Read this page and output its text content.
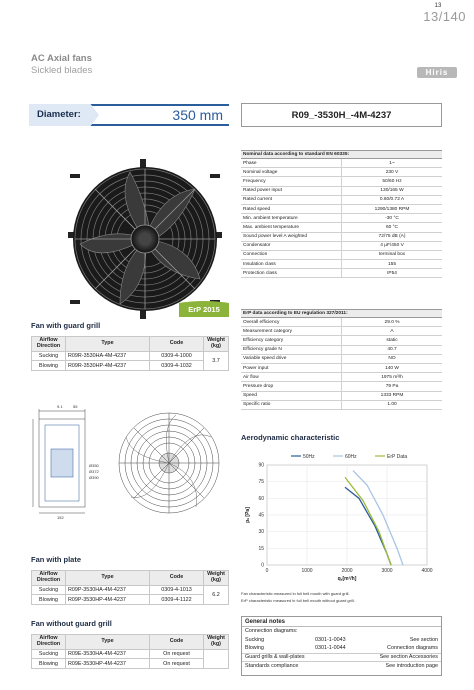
13
13/140
AC Axial fans
Sickled blades	Hiris
Diameter:	350 mm	R09_-3530H_-4M-4237
ErP 2015
Fan with guard grill
Airflow Direction	Type	Code	Weight (kg)
Sucking	R09R-3530HA-4M-4237	0309-4-1000	3.7
Blowing	R09R-3530HP-4M-4237	0309-4-1032	
9.1	55
152
Ø350
Ø372
Ø390
Fan with plate
Airflow Direction	Type	Code	Weight (kg)
Sucking	R09P-3530HA-4M-4237	0309-4-1013	6.2
Blowing	R09P-3530HP-4M-4237	0309-4-1122	
Fan without guard grill
Airflow Direction	Type	Code	Weight (kg)
Sucking	R09E-3530HA-4M-4237	On request	
Blowing	R09E-3530HP-4M-4237	On request	
Nominal data according to standard EN 60335:	
Phase	1~
Nominal voltage	230 V
Frequency	50/60 Hz
Rated power input	130/165 W
Rated current	0.60/0.72 A
Rated speed	1290/1380 RPM
Min. ambient temperature	-30 °C
Max. ambient temperature	60 °C
Sound power level A weighted	72/75 dB (A)
Condensator	4 μF/450 V
Connection	terminal box
Insulation class	155
Protection class	IP54
ErP data according to EU regulation 327/2011:	
Overall efficiency	29.0 %
Measurement category	A
Efficiency category	static
Efficiency grade N	40.7
Variable speed drive	NO
Power input	140 W
Air flow	1975 m³/h
Pressure drop	79 Pa
Speed	1333 RPM
Specific ratio	1.00
Aerodynamic characteristic
0
15
30
45
60
75
90
0	1000	2000	3000	4000
qᵥ[m³/h]
pₛ [Pa]
50Hz	60Hz	ErP Data
Fan characteristic measured in full bell mouth with guard grill.
ErP characteristic measured in full bell mouth without guard grill.
General notes
Connection diagrams:
Sucking	0301-1-0043	See section
Blowing	0301-1-0044	Connection diagrams
Guard grills & wall-plates	See section Accessories
Standards compliance	See introduction page
